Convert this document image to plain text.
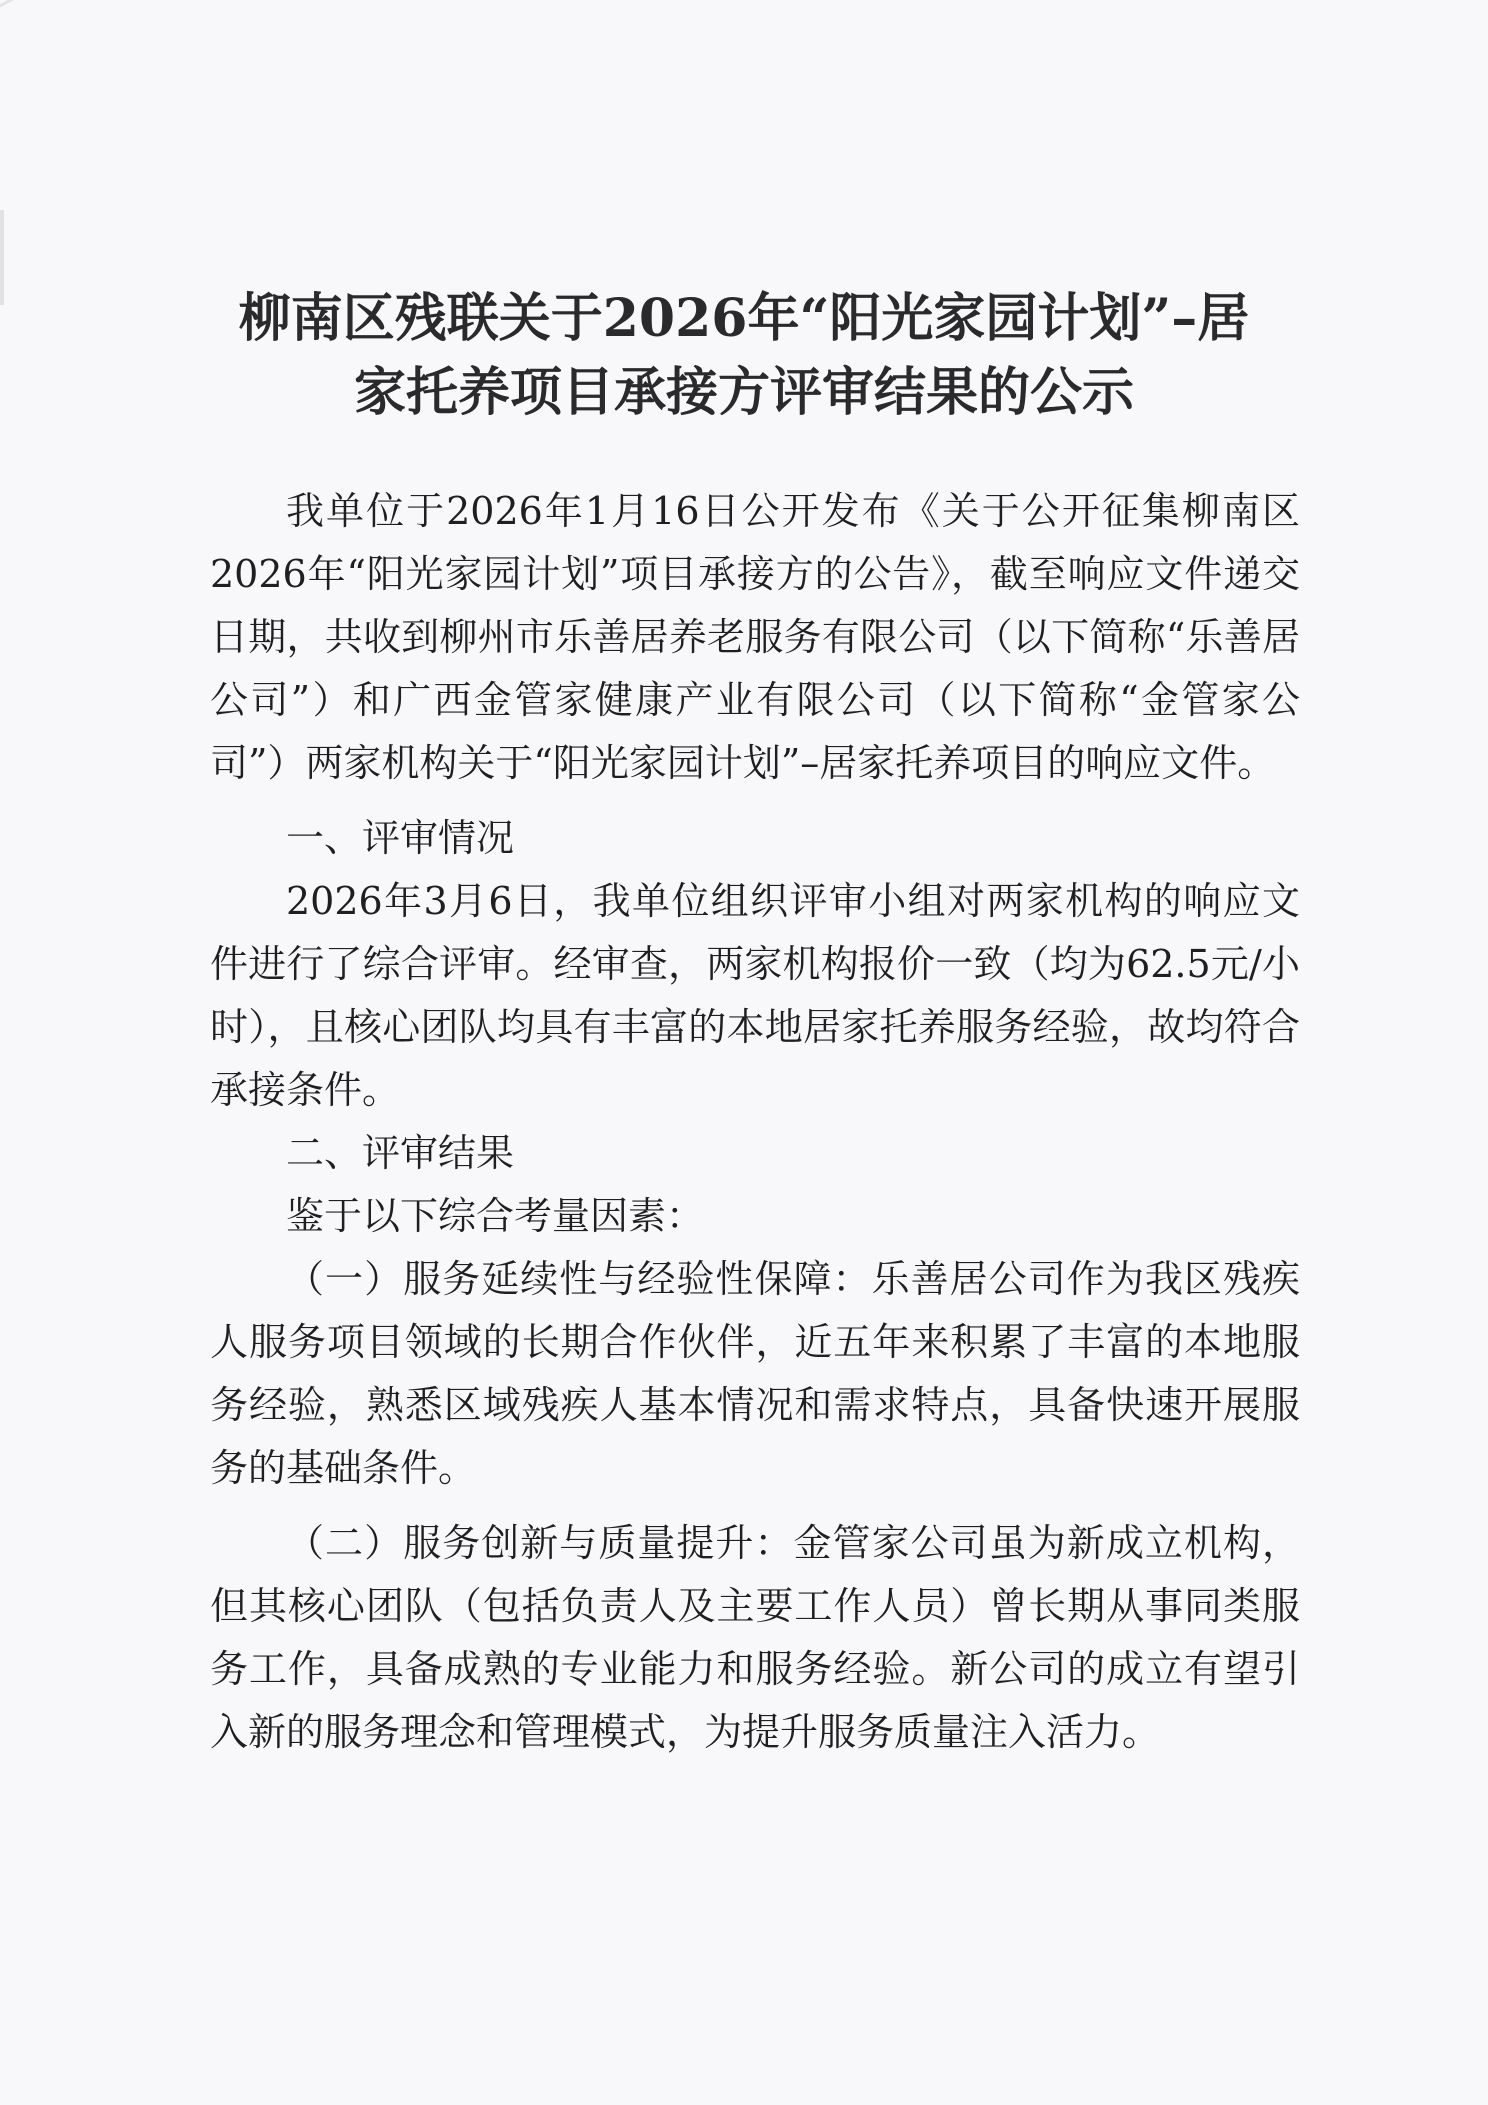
柳南区残联关于2026年“阳光家园计划”–居
家托养项目承接方评审结果的公示

我单位于2026年1月16日公开发布《关于公开征集柳南区2026年“阳光家园计划”项目承接方的公告》，截至响应文件递交日期，共收到柳州市乐善居养老服务有限公司（以下简称“乐善居公司”）和广西金管家健康产业有限公司（以下简称“金管家公司”）两家机构关于“阳光家园计划”–居家托养项目的响应文件。

一、评审情况

2026年3月6日，我单位组织评审小组对两家机构的响应文件进行了综合评审。经审查，两家机构报价一致（均为62.5元/小时），且核心团队均具有丰富的本地居家托养服务经验，故均符合承接条件。

二、评审结果

鉴于以下综合考量因素：

（一）服务延续性与经验性保障：乐善居公司作为我区残疾人服务项目领域的长期合作伙伴，近五年来积累了丰富的本地服务经验，熟悉区域残疾人基本情况和需求特点，具备快速开展服务的基础条件。

（二）服务创新与质量提升：金管家公司虽为新成立机构，但其核心团队（包括负责人及主要工作人员）曾长期从事同类服务工作，具备成熟的专业能力和服务经验。新公司的成立有望引入新的服务理念和管理模式，为提升服务质量注入活力。
